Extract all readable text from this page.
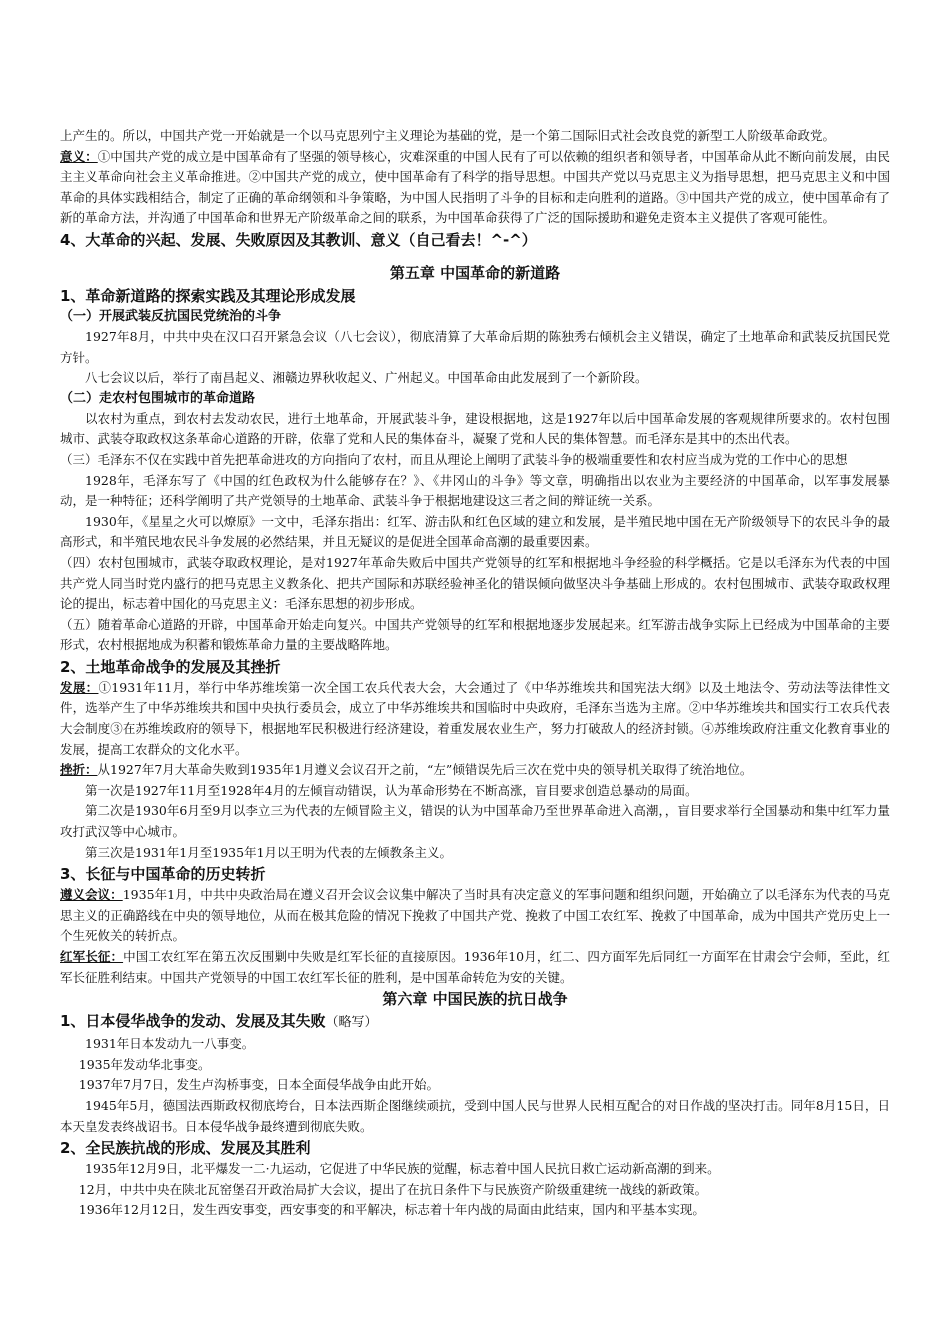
上产生的。所以，中国共产党一开始就是一个以马克思列宁主义理论为基础的党，是一个第二国际旧式社会改良党的新型工人阶级革命政党。

意义：①中国共产党的成立是中国革命有了坚强的领导核心，灾难深重的中国人民有了可以依赖的组织者和领导者，中国革命从此不断向前发展，由民主主义革命向社会主义革命推进。②中国共产党的成立，使中国革命有了科学的指导思想。中国共产党以马克思主义为指导思想，把马克思主义和中国革命的具体实践相结合，制定了正确的革命纲领和斗争策略，为中国人民指明了斗争的目标和走向胜利的道路。③中国共产党的成立，使中国革命有了新的革命方法，并沟通了中国革命和世界无产阶级革命之间的联系，为中国革命获得了广泛的国际援助和避免走资本主义提供了客观可能性。

4、大革命的兴起、发展、失败原因及其教训、意义（自己看去！^-^）

第五章 中国革命的新道路

1、革命新道路的探索实践及其理论形成发展

（一）开展武装反抗国民党统治的斗争

1927年8月，中共中央在汉口召开紧急会议（八七会议），彻底清算了大革命后期的陈独秀右倾机会主义错误，确定了土地革命和武装反抗国民党方针。

八七会议以后，举行了南昌起义、湘赣边界秋收起义、广州起义。中国革命由此发展到了一个新阶段。

（二）走农村包围城市的革命道路

以农村为重点，到农村去发动农民，进行土地革命，开展武装斗争，建设根据地，这是1927年以后中国革命发展的客观规律所要求的。农村包围城市、武装夺取政权这条革命心道路的开辟，依靠了党和人民的集体奋斗，凝聚了党和人民的集体智慧。而毛泽东是其中的杰出代表。

（三）毛泽东不仅在实践中首先把革命进攻的方向指向了农村，而且从理论上阐明了武装斗争的极端重要性和农村应当成为党的工作中心的思想

1928年，毛泽东写了《中国的红色政权为什么能够存在？》、《井冈山的斗争》等文章，明确指出以农业为主要经济的中国革命，以军事发展暴动，是一种特征；还科学阐明了共产党领导的土地革命、武装斗争于根据地建设这三者之间的辩证统一关系。

1930年，《星星之火可以燎原》一文中，毛泽东指出：红军、游击队和红色区域的建立和发展，是半殖民地中国在无产阶级领导下的农民斗争的最高形式，和半殖民地农民斗争发展的必然结果，并且无疑议的是促进全国革命高潮的最重要因素。

（四）农村包围城市，武装夺取政权理论，是对1927年革命失败后中国共产党领导的红军和根据地斗争经验的科学概括。它是以毛泽东为代表的中国共产党人同当时党内盛行的把马克思主义教条化、把共产国际和苏联经验神圣化的错误倾向做坚决斗争基础上形成的。农村包围城市、武装夺取政权理论的提出，标志着中国化的马克思主义：毛泽东思想的初步形成。

（五）随着革命心道路的开辟，中国革命开始走向复兴。中国共产党领导的红军和根据地逐步发展起来。红军游击战争实际上已经成为中国革命的主要形式，农村根据地成为积蓄和锻炼革命力量的主要战略阵地。

2、土地革命战争的发展及其挫折

发展：①1931年11月，举行中华苏维埃第一次全国工农兵代表大会，大会通过了《中华苏维埃共和国宪法大纲》以及土地法令、劳动法等法律性文件，选举产生了中华苏维埃共和国中央执行委员会，成立了中华苏维埃共和国临时中央政府，毛泽东当选为主席。②中华苏维埃共和国实行工农兵代表大会制度③在苏维埃政府的领导下，根据地军民积极进行经济建设，着重发展农业生产，努力打破敌人的经济封锁。④苏维埃政府注重文化教育事业的发展，提高工农群众的文化水平。

挫折：从1927年7月大革命失败到1935年1月遵义会议召开之前，“左”倾错误先后三次在党中央的领导机关取得了统治地位。

第一次是1927年11月至1928年4月的左倾盲动错误，认为革命形势在不断高涨，盲目要求创造总暴动的局面。

第二次是1930年6月至9月以李立三为代表的左倾冒险主义，错误的认为中国革命乃至世界革命进入高潮，，盲目要求举行全国暴动和集中红军力量攻打武汉等中心城市。

第三次是1931年1月至1935年1月以王明为代表的左倾教条主义。

3、长征与中国革命的历史转折

遵义会议：1935年1月，中共中央政治局在遵义召开会议会议集中解决了当时具有决定意义的军事问题和组织问题，开始确立了以毛泽东为代表的马克思主义的正确路线在中央的领导地位，从而在极其危险的情况下挽救了中国共产党、挽救了中国工农红军、挽救了中国革命，成为中国共产党历史上一个生死攸关的转折点。

红军长征：中国工农红军在第五次反围剿中失败是红军长征的直接原因。1936年10月，红二、四方面军先后同红一方面军在甘肃会宁会师，至此，红军长征胜利结束。中国共产党领导的中国工农红军长征的胜利，是中国革命转危为安的关键。

第六章 中国民族的抗日战争

1、日本侵华战争的发动、发展及其失败（略写）

1931年日本发动九一八事变。

1935年发动华北事变。

1937年7月7日，发生卢沟桥事变，日本全面侵华战争由此开始。

1945年5月，德国法西斯政权彻底垮台，日本法西斯企图继续顽抗，受到中国人民与世界人民相互配合的对日作战的坚决打击。同年8月15日，日本天皇发表终战诏书。日本侵华战争最终遭到彻底失败。

2、全民族抗战的形成、发展及其胜利

1935年12月9日，北平爆发一二·九运动，它促进了中华民族的觉醒，标志着中国人民抗日救亡运动新高潮的到来。

12月，中共中央在陕北瓦窑堡召开政治局扩大会议，提出了在抗日条件下与民族资产阶级重建统一战线的新政策。

1936年12月12日，发生西安事变，西安事变的和平解决，标志着十年内战的局面由此结束，国内和平基本实现。
